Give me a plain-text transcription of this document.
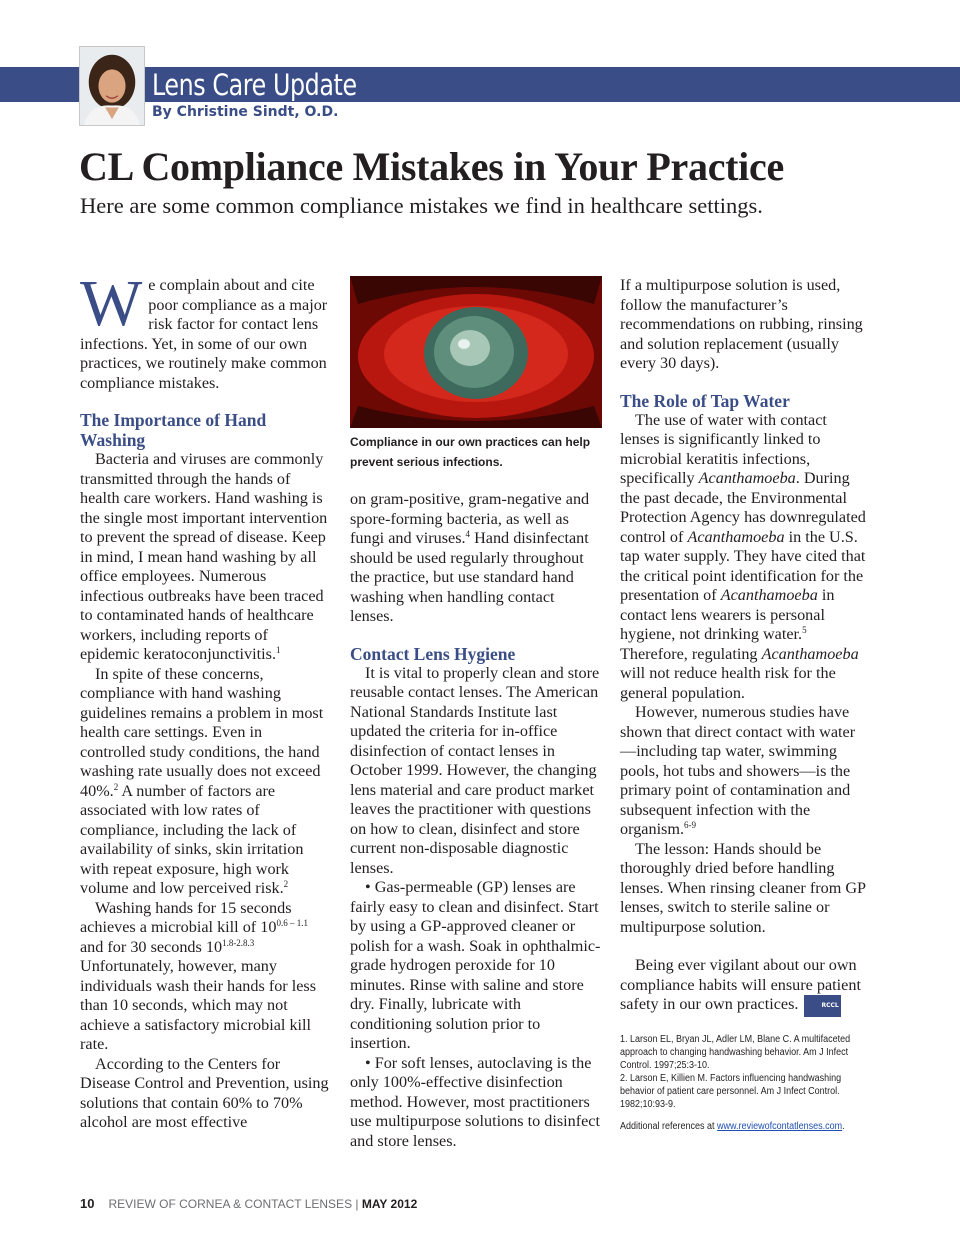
Lens Care Update
By Christine Sindt, O.D.
CL Compliance Mistakes in Your Practice
Here are some common compliance mistakes we find in healthcare settings.

We complain about and cite poor compliance as a major risk factor for contact lens infections. Yet, in some of our own practices, we routinely make common compliance mistakes.

The Importance of Hand Washing

Bacteria and viruses are commonly transmitted through the hands of health care workers. Hand washing is the single most important intervention to prevent the spread of disease. Keep in mind, I mean hand washing by all office employees. Numerous infectious outbreaks have been traced to contaminated hands of healthcare workers, including reports of epidemic keratoconjunctivitis.$^1$

In spite of these concerns, compliance with hand washing guidelines remains a problem in most health care settings. Even in controlled study conditions, the hand washing rate usually does not exceed 40%.$^2$ A number of factors are associated with low rates of compliance, including the lack of availability of sinks, skin irritation with repeat exposure, high work volume and low perceived risk.$^2$

Washing hands for 15 seconds achieves a microbial kill of $10^{0.6 - 1.1}$ and for 30 seconds $10^{1.8-2.8.3}$ Unfortunately, however, many individuals wash their hands for less than 10 seconds, which may not achieve a satisfactory microbial kill rate.

According to the Centers for Disease Control and Prevention, using solutions that contain 60% to 70% alcohol are most effective

Compliance in our own practices can help prevent serious infections.

on gram-positive, gram-negative and spore-forming bacteria, as well as fungi and viruses.$^4$ Hand disinfectant should be used regularly throughout the practice, but use standard hand washing when handling contact lenses.

Contact Lens Hygiene

It is vital to properly clean and store reusable contact lenses. The American National Standards Institute last updated the criteria for in-office disinfection of contact lenses in October 1999. However, the changing lens material and care product market leaves the practitioner with questions on how to clean, disinfect and store current non-disposable diagnostic lenses.

• Gas-permeable (GP) lenses are fairly easy to clean and disinfect. Start by using a GP-approved cleaner or polish for a wash. Soak in ophthalmic-grade hydrogen peroxide for 10 minutes. Rinse with saline and store dry. Finally, lubricate with conditioning solution prior to insertion.

• For soft lenses, autoclaving is the only 100%-effective disinfection method. However, most practitioners use multipurpose solutions to disinfect and store lenses.

If a multipurpose solution is used, follow the manufacturer’s recommendations on rubbing, rinsing and solution replacement (usually every 30 days).

The Role of Tap Water

The use of water with contact lenses is significantly linked to microbial keratitis infections, specifically Acanthamoeba. During the past decade, the Environmental Protection Agency has downregulated control of Acanthamoeba in the U.S. tap water supply. They have cited that the critical point identification for the presentation of Acanthamoeba in contact lens wearers is personal hygiene, not drinking water.$^5$ Therefore, regulating Acanthamoeba will not reduce health risk for the general population.

However, numerous studies have shown that direct contact with water—including tap water, swimming pools, hot tubs and showers—is the primary point of contamination and subsequent infection with the organism.$^{6-9}$

The lesson: Hands should be thoroughly dried before handling lenses. When rinsing cleaner from GP lenses, switch to sterile saline or multipurpose solution.

Being ever vigilant about our own compliance habits will ensure patient safety in our own practices.	RCCL

1. Larson EL, Bryan JL, Adler LM, Blane C. A multifaceted approach to changing handwashing behavior. Am J Infect Control. 1997;25:3-10.
2. Larson E, Killien M. Factors influencing handwashing behavior of patient care personnel. Am J Infect Control. 1982;10:93-9.
Additional references at www.reviewofcontatlenses.com.
10 REVIEW OF CORNEA & CONTACT LENSES | MAY 2012
